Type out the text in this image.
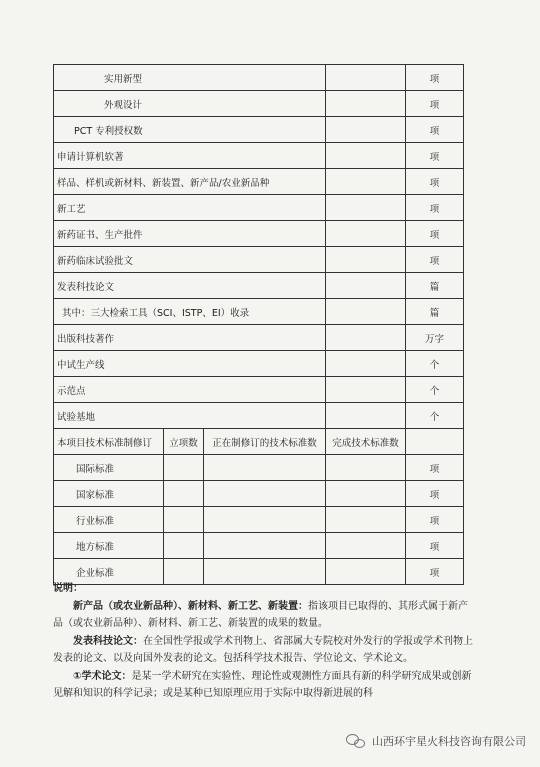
实用新型				项
外观设计				项
PCT 专利授权数				项
申请计算机软著				项
样品、样机或新材料、新装置、新产品/农业新品种				项
新工艺				项
新药证书、生产批件				项
新药临床试验批文				项
发表科技论文				篇
其中：三大检索工具（SCI、ISTP、EI）收录				篇
出版科技著作				万字
中试生产线				个
示范点				个
试验基地				个
本项目技术标准制修订	立项数	正在制修订的技术标准数	完成技术标准数	
国际标准				项
国家标准				项
行业标准				项
地方标准				项
企业标准				项

说明：

新产品（或农业新品种）、新材料、新工艺、新装置：指该项目已取得的、其形式属于新产品（或农业新品种）、新材料、新工艺、新装置的成果的数量。

发表科技论文：在全国性学报或学术刊物上、省部属大专院校对外发行的学报或学术刊物上发表的论文、以及向国外发表的论文。包括科学技术报告、学位论文、学术论文。

①学术论文：是某一学术研究在实验性、理论性或观测性方面具有新的科学研究成果或创新见解和知识的科学记录；或是某种已知原理应用于实际中取得新进展的科

山西环宇星火科技咨询有限公司
